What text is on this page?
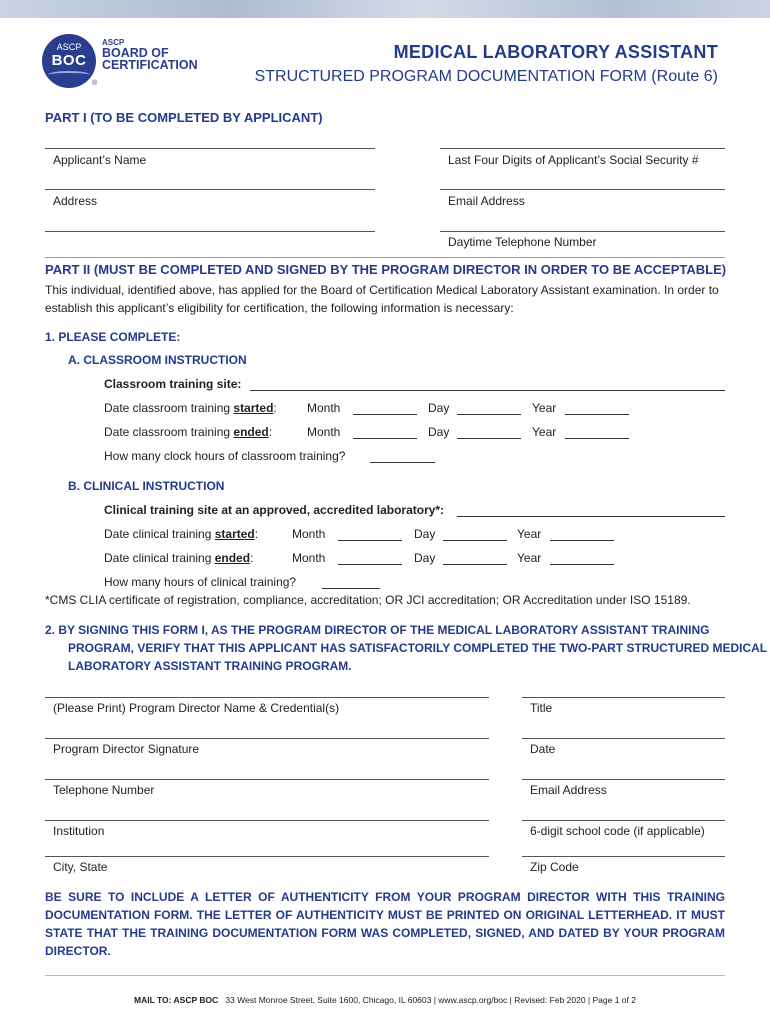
ASCP
BOC
ASCP
BOARD OF
CERTIFICATION
®
MEDICAL LABORATORY ASSISTANT
STRUCTURED PROGRAM DOCUMENTATION FORM (Route 6)
PART I (TO BE COMPLETED BY APPLICANT)
Applicant’s Name	Last Four Digits of Applicant’s Social Security #
Address	Email Address
Daytime Telephone Number
PART II (MUST BE COMPLETED AND SIGNED BY THE PROGRAM DIRECTOR IN ORDER TO BE ACCEPTABLE)
This individual, identified above, has applied for the Board of Certification Medical Laboratory Assistant examination. In order to establish this applicant’s eligibility for certification, the following information is necessary:
1. PLEASE COMPLETE:
A. CLASSROOM INSTRUCTION
Classroom training site:
Date classroom training started:	Month	Day	Year
Date classroom training ended:	Month	Day	Year
How many clock hours of classroom training?
B. CLINICAL INSTRUCTION
Clinical training site at an approved, accredited laboratory*:
Date clinical training started:	Month	Day	Year
Date clinical training ended:	Month	Day	Year
How many hours of clinical training?
*CMS CLIA certificate of registration, compliance, accreditation; OR JCI accreditation; OR Accreditation under ISO 15189.
2. BY SIGNING THIS FORM I, AS THE PROGRAM DIRECTOR OF THE MEDICAL LABORATORY ASSISTANT TRAINING
PROGRAM, VERIFY THAT THIS APPLICANT HAS SATISFACTORILY COMPLETED THE TWO-PART STRUCTURED MEDICAL
LABORATORY ASSISTANT TRAINING PROGRAM.
(Please Print) Program Director Name & Credential(s)	Title
Program Director Signature	Date
Telephone Number	Email Address
Institution	6-digit school code (if applicable)
City, State	Zip Code
BE SURE TO INCLUDE A LETTER OF AUTHENTICITY FROM YOUR PROGRAM DIRECTOR WITH THIS TRAINING DOCUMENTATION FORM. THE LETTER OF AUTHENTICITY MUST BE PRINTED ON ORIGINAL LETTERHEAD. IT MUST STATE THAT THE TRAINING DOCUMENTATION FORM WAS COMPLETED, SIGNED, AND DATED BY YOUR PROGRAM DIRECTOR.
MAIL TO: ASCP BOC 33 West Monroe Street, Suite 1600, Chicago, IL 60603 | www.ascp.org/boc | Revised: Feb 2020 | Page 1 of 2
